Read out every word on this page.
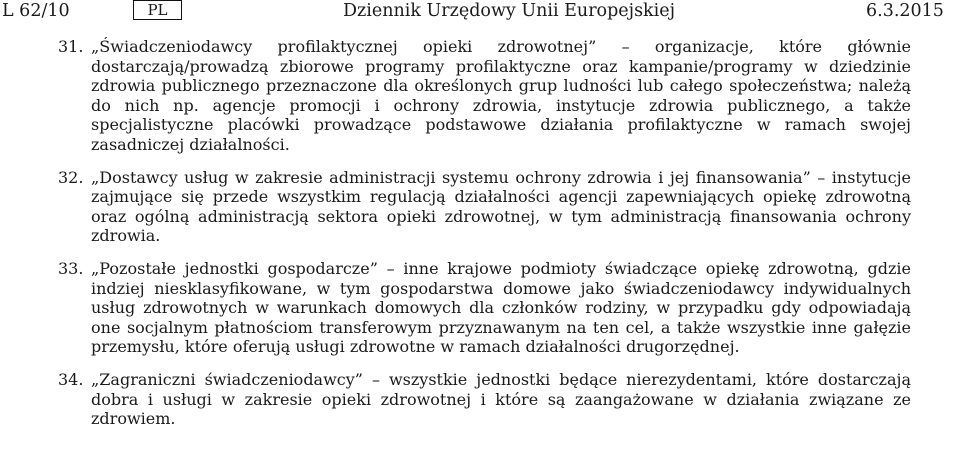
L 62/10	PL	Dziennik Urzędowy Unii Europejskiej	6.3.2015
31. „Świadczeniodawcy profilaktycznej opieki zdrowotnej” – organizacje, które głównie dostarczają/prowadzą zbiorowe programy profilaktyczne oraz kampanie/programy w dziedzinie zdrowia publicznego przeznaczone dla określonych grup ludności lub całego społeczeństwa; należą do nich np. agencje promocji i ochrony zdrowia, instytucje zdrowia publicznego, a także specjalistyczne placówki prowadzące podstawowe działania profilaktyczne w ramach swojej zasadniczej działalności.
32. „Dostawcy usług w zakresie administracji systemu ochrony zdrowia i jej finansowania” – instytucje zajmujące się przede wszystkim regulacją działalności agencji zapewniających opiekę zdrowotną oraz ogólną administracją sektora opieki zdrowotnej, w tym administracją finansowania ochrony zdrowia.
33. „Pozostałe jednostki gospodarcze” – inne krajowe podmioty świadczące opiekę zdrowotną, gdzie indziej niesklasyfikowane, w tym gospodarstwa domowe jako świadczeniodawcy indywidualnych usług zdrowotnych w warunkach domowych dla członków rodziny, w przypadku gdy odpowiadają one socjalnym płatnościom transferowym przyznawanym na ten cel, a także wszystkie inne gałęzie przemysłu, które oferują usługi zdrowotne w ramach działalności drugorzędnej.
34. „Zagraniczni świadczeniodawcy” – wszystkie jednostki będące nierezydentami, które dostarczają dobra i usługi w zakresie opieki zdrowotnej i które są zaangażowane w działania związane ze zdrowiem.
